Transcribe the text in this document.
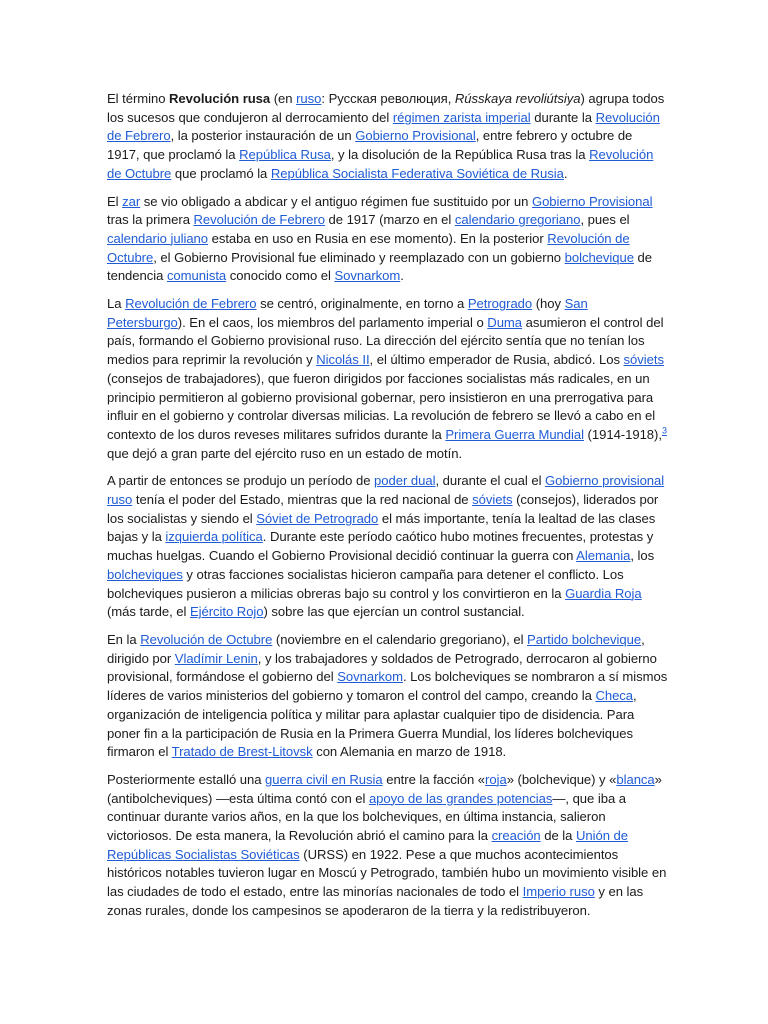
El término Revolución rusa (en ruso: Русская революция, Rússkaya revoliútsiya) agrupa todos los sucesos que condujeron al derrocamiento del régimen zarista imperial durante la Revolución de Febrero, la posterior instauración de un Gobierno Provisional, entre febrero y octubre de 1917, que proclamó la República Rusa, y la disolución de la República Rusa tras la Revolución de Octubre que proclamó la República Socialista Federativa Soviética de Rusia.

El zar se vio obligado a abdicar y el antiguo régimen fue sustituido por un Gobierno Provisional tras la primera Revolución de Febrero de 1917 (marzo en el calendario gregoriano, pues el calendario juliano estaba en uso en Rusia en ese momento). En la posterior Revolución de Octubre, el Gobierno Provisional fue eliminado y reemplazado con un gobierno bolchevique de tendencia comunista conocido como el Sovnarkom.

La Revolución de Febrero se centró, originalmente, en torno a Petrogrado (hoy San Petersburgo). En el caos, los miembros del parlamento imperial o Duma asumieron el control del país, formando el Gobierno provisional ruso. La dirección del ejército sentía que no tenían los medios para reprimir la revolución y Nicolás II, el último emperador de Rusia, abdicó. Los sóviets (consejos de trabajadores), que fueron dirigidos por facciones socialistas más radicales, en un principio permitieron al gobierno provisional gobernar, pero insistieron en una prerrogativa para influir en el gobierno y controlar diversas milicias. La revolución de febrero se llevó a cabo en el contexto de los duros reveses militares sufridos durante la Primera Guerra Mundial (1914-1918),$^3$ que dejó a gran parte del ejército ruso en un estado de motín.

A partir de entonces se produjo un período de poder dual, durante el cual el Gobierno provisional ruso tenía el poder del Estado, mientras que la red nacional de sóviets (consejos), liderados por los socialistas y siendo el Sóviet de Petrogrado el más importante, tenía la lealtad de las clases bajas y la izquierda política. Durante este período caótico hubo motines frecuentes, protestas y muchas huelgas. Cuando el Gobierno Provisional decidió continuar la guerra con Alemania, los bolcheviques y otras facciones socialistas hicieron campaña para detener el conflicto. Los bolcheviques pusieron a milicias obreras bajo su control y los convirtieron en la Guardia Roja (más tarde, el Ejército Rojo) sobre las que ejercían un control sustancial.

En la Revolución de Octubre (noviembre en el calendario gregoriano), el Partido bolchevique, dirigido por Vladímir Lenin, y los trabajadores y soldados de Petrogrado, derrocaron al gobierno provisional, formándose el gobierno del Sovnarkom. Los bolcheviques se nombraron a sí mismos líderes de varios ministerios del gobierno y tomaron el control del campo, creando la Checa, organización de inteligencia política y militar para aplastar cualquier tipo de disidencia. Para poner fin a la participación de Rusia en la Primera Guerra Mundial, los líderes bolcheviques firmaron el Tratado de Brest-Litovsk con Alemania en marzo de 1918.

Posteriormente estalló una guerra civil en Rusia entre la facción «roja» (bolchevique) y «blanca» (antibolcheviques) —esta última contó con el apoyo de las grandes potencias—, que iba a continuar durante varios años, en la que los bolcheviques, en última instancia, salieron victoriosos. De esta manera, la Revolución abrió el camino para la creación de la Unión de Repúblicas Socialistas Soviéticas (URSS) en 1922. Pese a que muchos acontecimientos históricos notables tuvieron lugar en Moscú y Petrogrado, también hubo un movimiento visible en las ciudades de todo el estado, entre las minorías nacionales de todo el Imperio ruso y en las zonas rurales, donde los campesinos se apoderaron de la tierra y la redistribuyeron.
